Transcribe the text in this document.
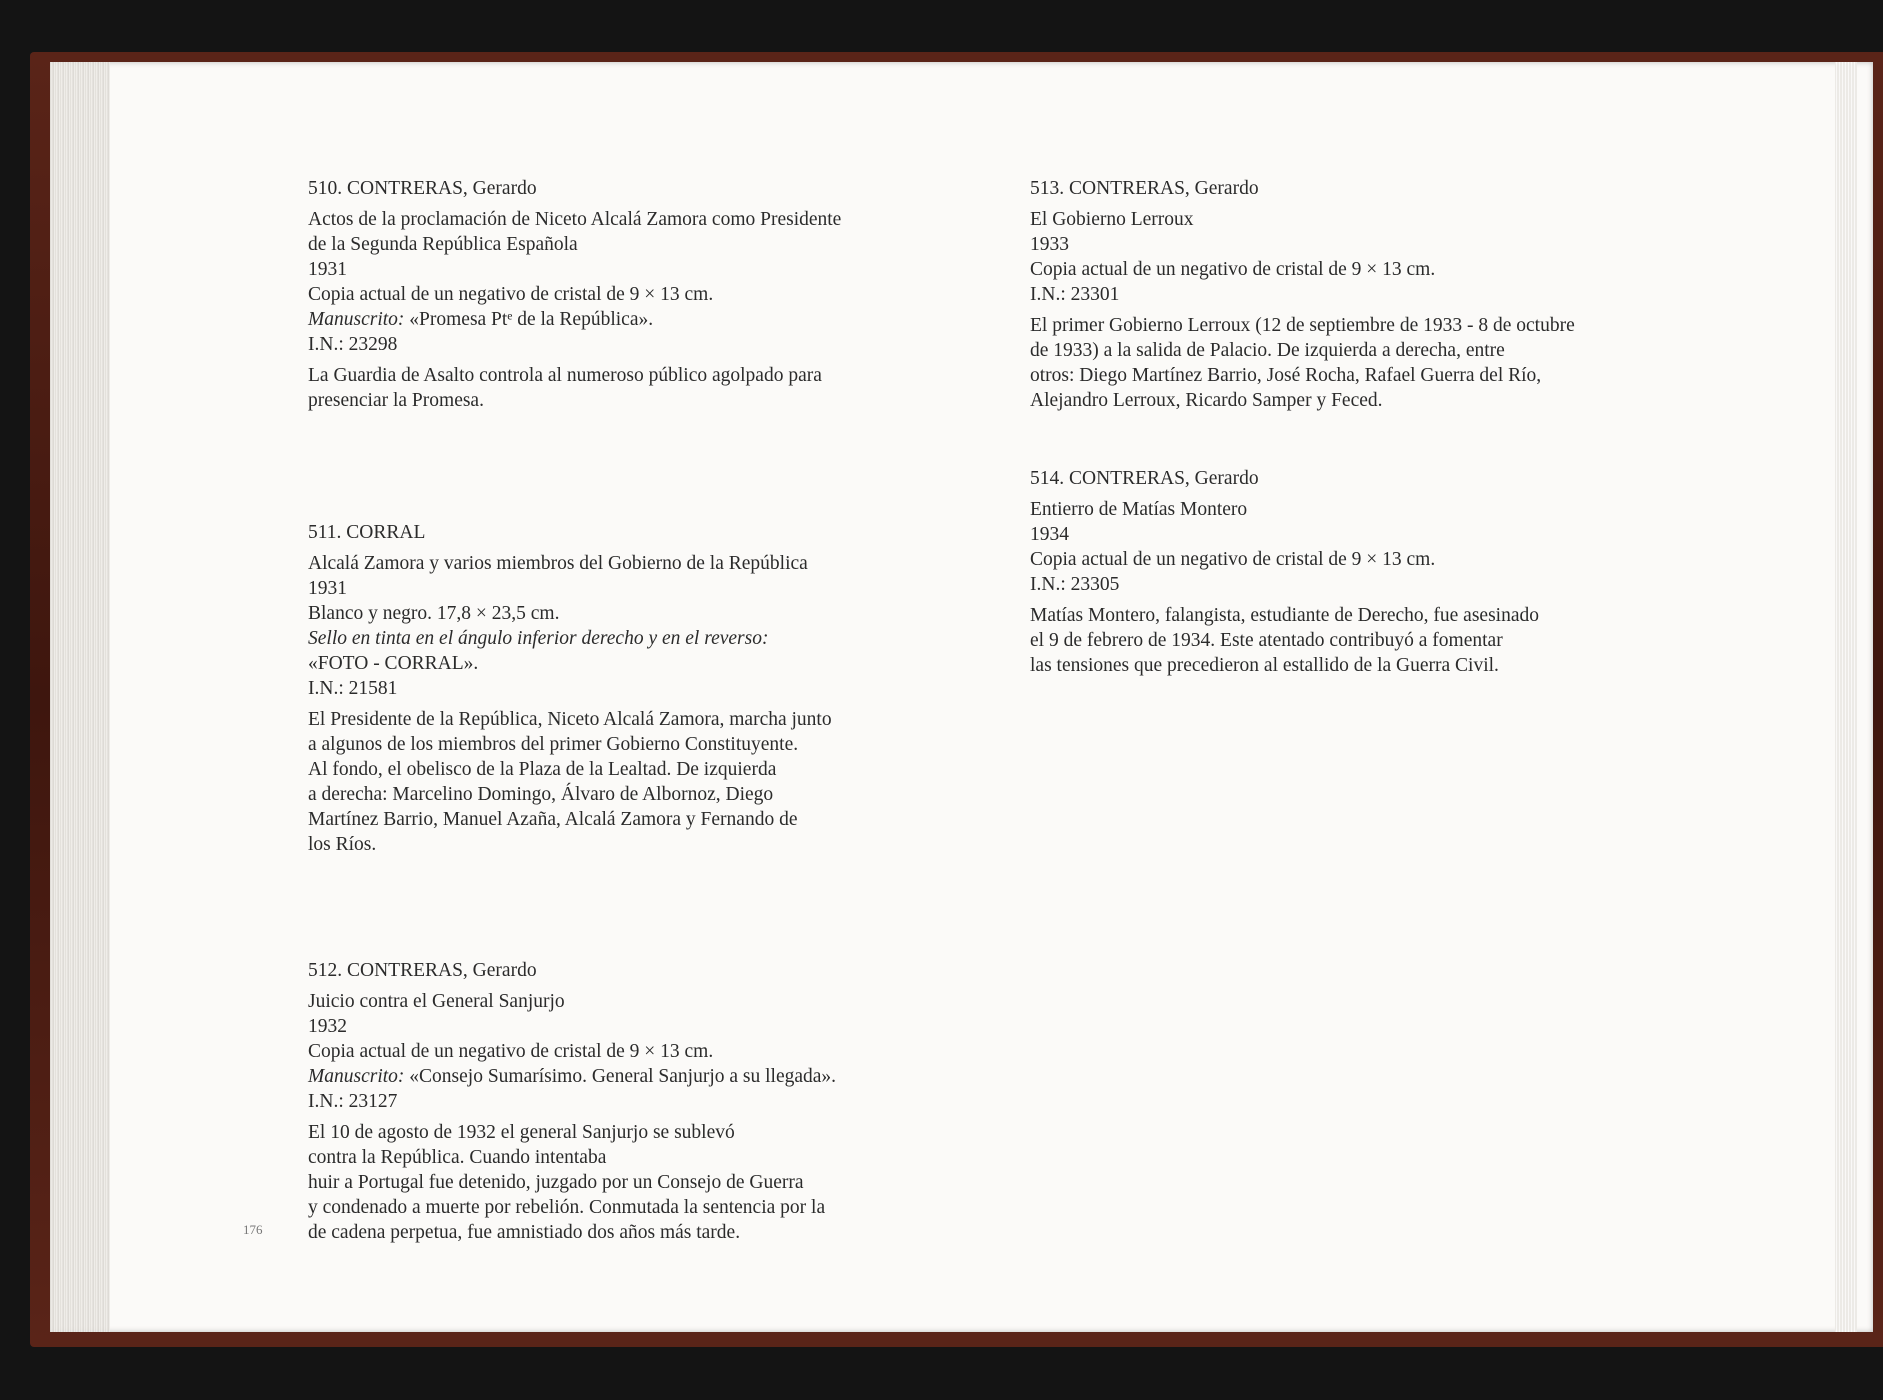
510. CONTRERAS, Gerardo

Actos de la proclamación de Niceto Alcalá Zamora como Presidente

de la Segunda República Española

1931

Copia actual de un negativo de cristal de 9 × 13 cm.

Manuscrito: «Promesa Ptᵉ de la República».

I.N.: 23298

La Guardia de Asalto controla al numeroso público agolpado para

presenciar la Promesa.

511. CORRAL

Alcalá Zamora y varios miembros del Gobierno de la República

1931

Blanco y negro. 17,8 × 23,5 cm.

Sello en tinta en el ángulo inferior derecho y en el reverso:

«FOTO - CORRAL».

I.N.: 21581

El Presidente de la República, Niceto Alcalá Zamora, marcha junto

a algunos de los miembros del primer Gobierno Constituyente.

Al fondo, el obelisco de la Plaza de la Lealtad. De izquierda

a derecha: Marcelino Domingo, Álvaro de Albornoz, Diego

Martínez Barrio, Manuel Azaña, Alcalá Zamora y Fernando de

los Ríos.

512. CONTRERAS, Gerardo

Juicio contra el General Sanjurjo

1932

Copia actual de un negativo de cristal de 9 × 13 cm.

Manuscrito: «Consejo Sumarísimo. General Sanjurjo a su llegada».

I.N.: 23127

El 10 de agosto de 1932 el general Sanjurjo se sublevó

contra la República. Cuando intentaba

huir a Portugal fue detenido, juzgado por un Consejo de Guerra

y condenado a muerte por rebelión. Conmutada la sentencia por la

de cadena perpetua, fue amnistiado dos años más tarde.

513. CONTRERAS, Gerardo

El Gobierno Lerroux

1933

Copia actual de un negativo de cristal de 9 × 13 cm.

I.N.: 23301

El primer Gobierno Lerroux (12 de septiembre de 1933 - 8 de octubre

de 1933) a la salida de Palacio. De izquierda a derecha, entre

otros: Diego Martínez Barrio, José Rocha, Rafael Guerra del Río,

Alejandro Lerroux, Ricardo Samper y Feced.

514. CONTRERAS, Gerardo

Entierro de Matías Montero

1934

Copia actual de un negativo de cristal de 9 × 13 cm.

I.N.: 23305

Matías Montero, falangista, estudiante de Derecho, fue asesinado

el 9 de febrero de 1934. Este atentado contribuyó a fomentar

las tensiones que precedieron al estallido de la Guerra Civil.

176
